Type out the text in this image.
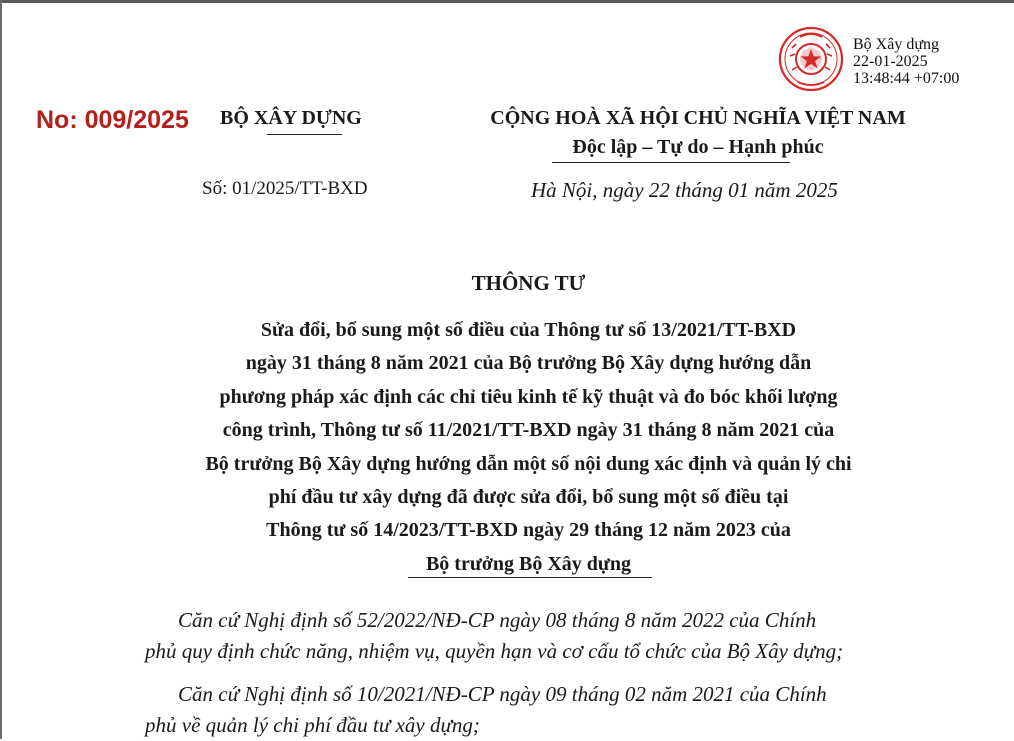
Bộ Xây dựng
22-01-2025
13:48:44 +07:00
No: 009/2025 BỘ XÂY DỰNG	CỘNG HOÀ XÃ HỘI CHỦ NGHĨA VIỆT NAM
Độc lập – Tự do – Hạnh phúc
Số: 01/2025/TT-BXD	Hà Nội, ngày 22 tháng 01 năm 2025
THÔNG TƯ
Sửa đổi, bổ sung một số điều của Thông tư số 13/2021/TT-BXD
ngày 31 tháng 8 năm 2021 của Bộ trưởng Bộ Xây dựng hướng dẫn
phương pháp xác định các chỉ tiêu kinh tế kỹ thuật và đo bóc khối lượng
công trình, Thông tư số 11/2021/TT-BXD ngày 31 tháng 8 năm 2021 của
Bộ trưởng Bộ Xây dựng hướng dẫn một số nội dung xác định và quản lý chi
phí đầu tư xây dựng đã được sửa đổi, bổ sung một số điều tại
Thông tư số 14/2023/TT-BXD ngày 29 tháng 12 năm 2023 của
Bộ trưởng Bộ Xây dựng
Căn cứ Nghị định số 52/2022/NĐ-CP ngày 08 tháng 8 năm 2022 của Chính
phủ quy định chức năng, nhiệm vụ, quyền hạn và cơ cấu tổ chức của Bộ Xây dựng;
Căn cứ Nghị định số 10/2021/NĐ-CP ngày 09 tháng 02 năm 2021 của Chính
phủ về quản lý chi phí đầu tư xây dựng;
